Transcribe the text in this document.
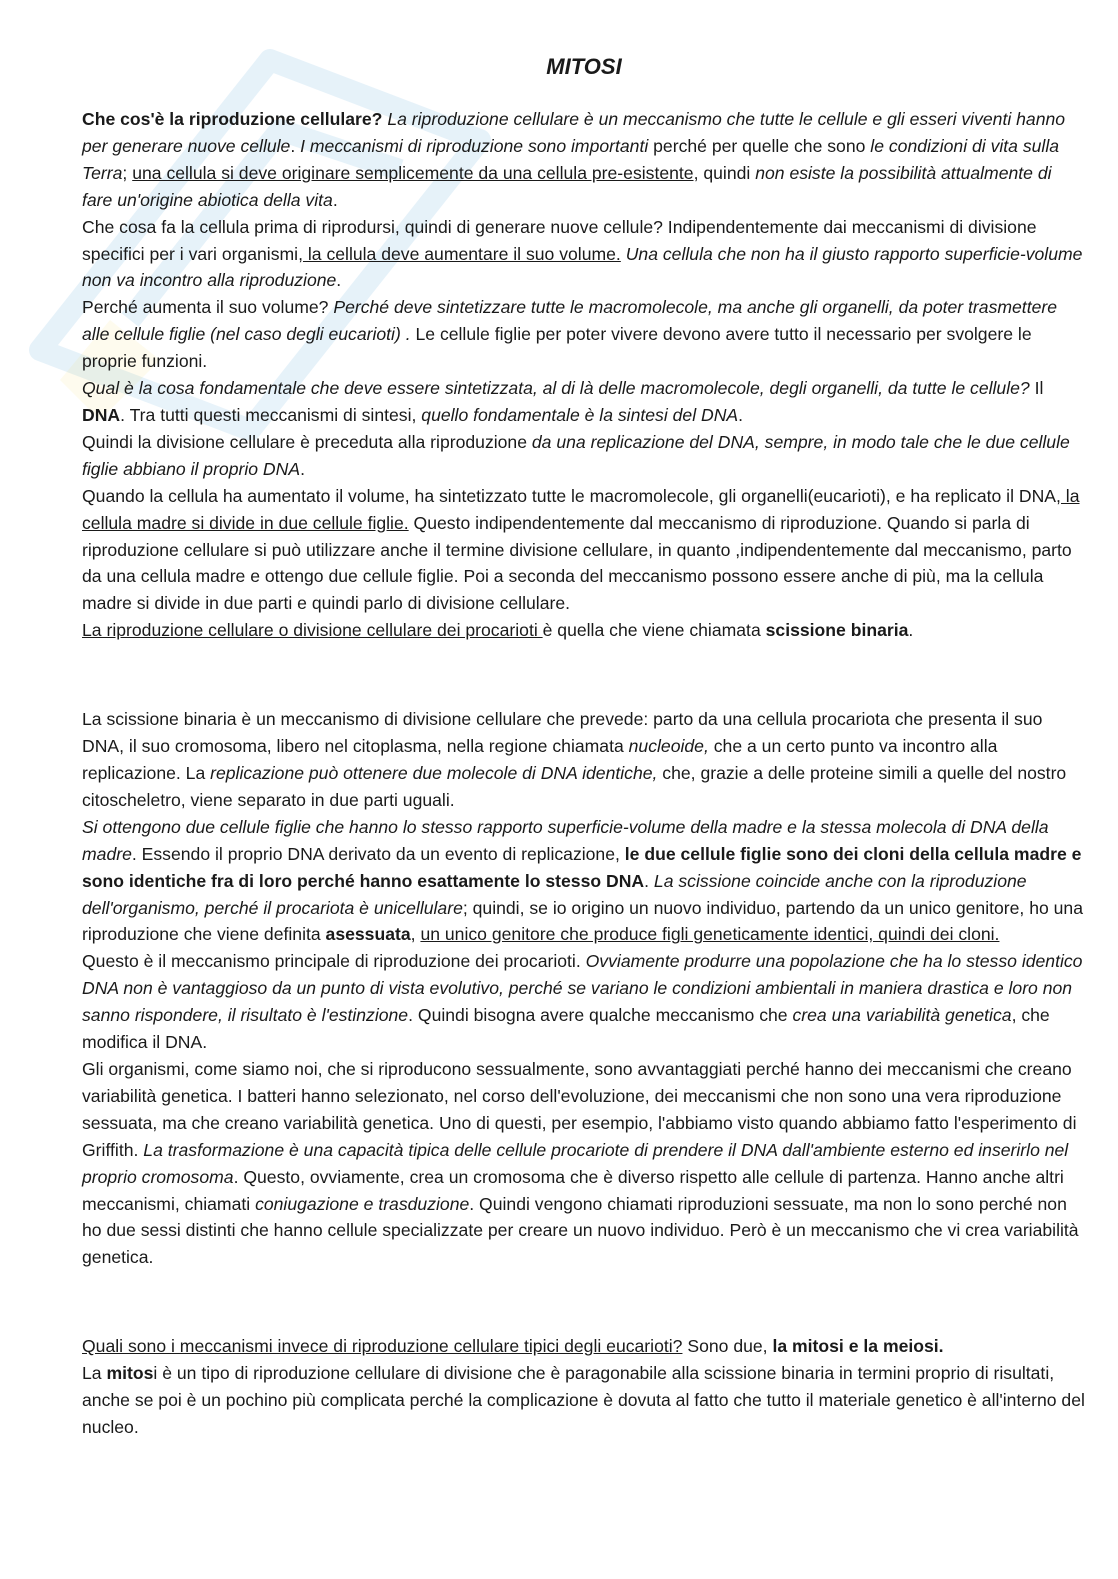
MITOSI

Che cos'è la riproduzione cellulare? La riproduzione cellulare è un meccanismo che tutte le cellule e gli esseri viventi hanno per generare nuove cellule. I meccanismi di riproduzione sono importanti perché per quelle che sono le condizioni di vita sulla Terra; una cellula si deve originare semplicemente da una cellula pre-esistente, quindi non esiste la possibilità attualmente di fare un'origine abiotica della vita.

Che cosa fa la cellula prima di riprodursi, quindi di generare nuove cellule? Indipendentemente dai meccanismi di divisione specifici per i vari organismi, la cellula deve aumentare il suo volume. Una cellula che non ha il giusto rapporto superficie-volume non va incontro alla riproduzione.

Perché aumenta il suo volume? Perché deve sintetizzare tutte le macromolecole, ma anche gli organelli, da poter trasmettere alle cellule figlie (nel caso degli eucarioti) . Le cellule figlie per poter vivere devono avere tutto il necessario per svolgere le proprie funzioni.

Qual è la cosa fondamentale che deve essere sintetizzata, al di là delle macromolecole, degli organelli, da tutte le cellule? Il DNA. Tra tutti questi meccanismi di sintesi, quello fondamentale è la sintesi del DNA.

Quindi la divisione cellulare è preceduta alla riproduzione da una replicazione del DNA, sempre, in modo tale che le due cellule figlie abbiano il proprio DNA.

Quando la cellula ha aumentato il volume, ha sintetizzato tutte le macromolecole, gli organelli(eucarioti), e ha replicato il DNA, la cellula madre si divide in due cellule figlie. Questo indipendentemente dal meccanismo di riproduzione. Quando si parla di riproduzione cellulare si può utilizzare anche il termine divisione cellulare, in quanto ,indipendentemente dal meccanismo, parto da una cellula madre e ottengo due cellule figlie. Poi a seconda del meccanismo possono essere anche di più, ma la cellula madre si divide in due parti e quindi parlo di divisione cellulare.

La riproduzione cellulare o divisione cellulare dei procarioti è quella che viene chiamata scissione binaria.

La scissione binaria è un meccanismo di divisione cellulare che prevede: parto da una cellula procariota che presenta il suo DNA, il suo cromosoma, libero nel citoplasma, nella regione chiamata nucleoide, che a un certo punto va incontro alla replicazione. La replicazione può ottenere due molecole di DNA identiche, che, grazie a delle proteine simili a quelle del nostro citoscheletro, viene separato in due parti uguali.

Si ottengono due cellule figlie che hanno lo stesso rapporto superficie-volume della madre e la stessa molecola di DNA della madre. Essendo il proprio DNA derivato da un evento di replicazione, le due cellule figlie sono dei cloni della cellula madre e sono identiche fra di loro perché hanno esattamente lo stesso DNA. La scissione coincide anche con la riproduzione dell'organismo, perché il procariota è unicellulare; quindi, se io origino un nuovo individuo, partendo da un unico genitore, ho una riproduzione che viene definita asessuata, un unico genitore che produce figli geneticamente identici, quindi dei cloni.

Questo è il meccanismo principale di riproduzione dei procarioti. Ovviamente produrre una popolazione che ha lo stesso identico DNA non è vantaggioso da un punto di vista evolutivo, perché se variano le condizioni ambientali in maniera drastica e loro non sanno rispondere, il risultato è l'estinzione. Quindi bisogna avere qualche meccanismo che crea una variabilità genetica, che modifica il DNA.

Gli organismi, come siamo noi, che si riproducono sessualmente, sono avvantaggiati perché hanno dei meccanismi che creano variabilità genetica. I batteri hanno selezionato, nel corso dell'evoluzione, dei meccanismi che non sono una vera riproduzione sessuata, ma che creano variabilità genetica. Uno di questi, per esempio, l'abbiamo visto quando abbiamo fatto l'esperimento di Griffith. La trasformazione è una capacità tipica delle cellule procariote di prendere il DNA dall'ambiente esterno ed inserirlo nel proprio cromosoma. Questo, ovviamente, crea un cromosoma che è diverso rispetto alle cellule di partenza. Hanno anche altri meccanismi, chiamati coniugazione e trasduzione. Quindi vengono chiamati riproduzioni sessuate, ma non lo sono perché non ho due sessi distinti che hanno cellule specializzate per creare un nuovo individuo. Però è un meccanismo che vi crea variabilità genetica.

Quali sono i meccanismi invece di riproduzione cellulare tipici degli eucarioti? Sono due, la mitosi e la meiosi.

La mitosi è un tipo di riproduzione cellulare di divisione che è paragonabile alla scissione binaria in termini proprio di risultati, anche se poi è un pochino più complicata perché la complicazione è dovuta al fatto che tutto il materiale genetico è all'interno del nucleo.
